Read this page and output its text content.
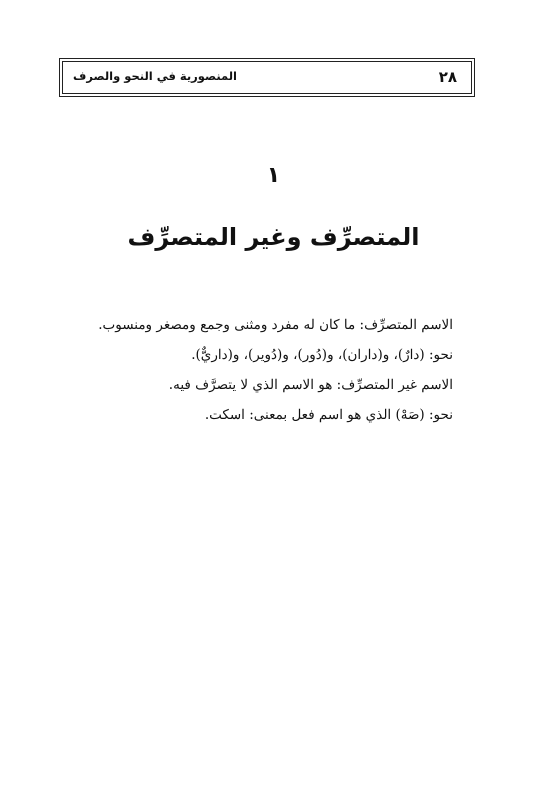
٢٨
المنصورية في النحو والصرف
١
المتصرِّف وغير المتصرِّف

الاسم المتصرِّف: ما كان له مفرد ومثنى وجمع ومصغر ومنسوب.

نحو: (دارٌ)، و(داران)، و(دُور)، و(دُوير)، و(داريٌّ).

الاسم غير المتصرِّف: هو الاسم الذي لا يتصرَّف فيه.

نحو: (صَهْ) الذي هو اسم فعل بمعنى: اسكت.
